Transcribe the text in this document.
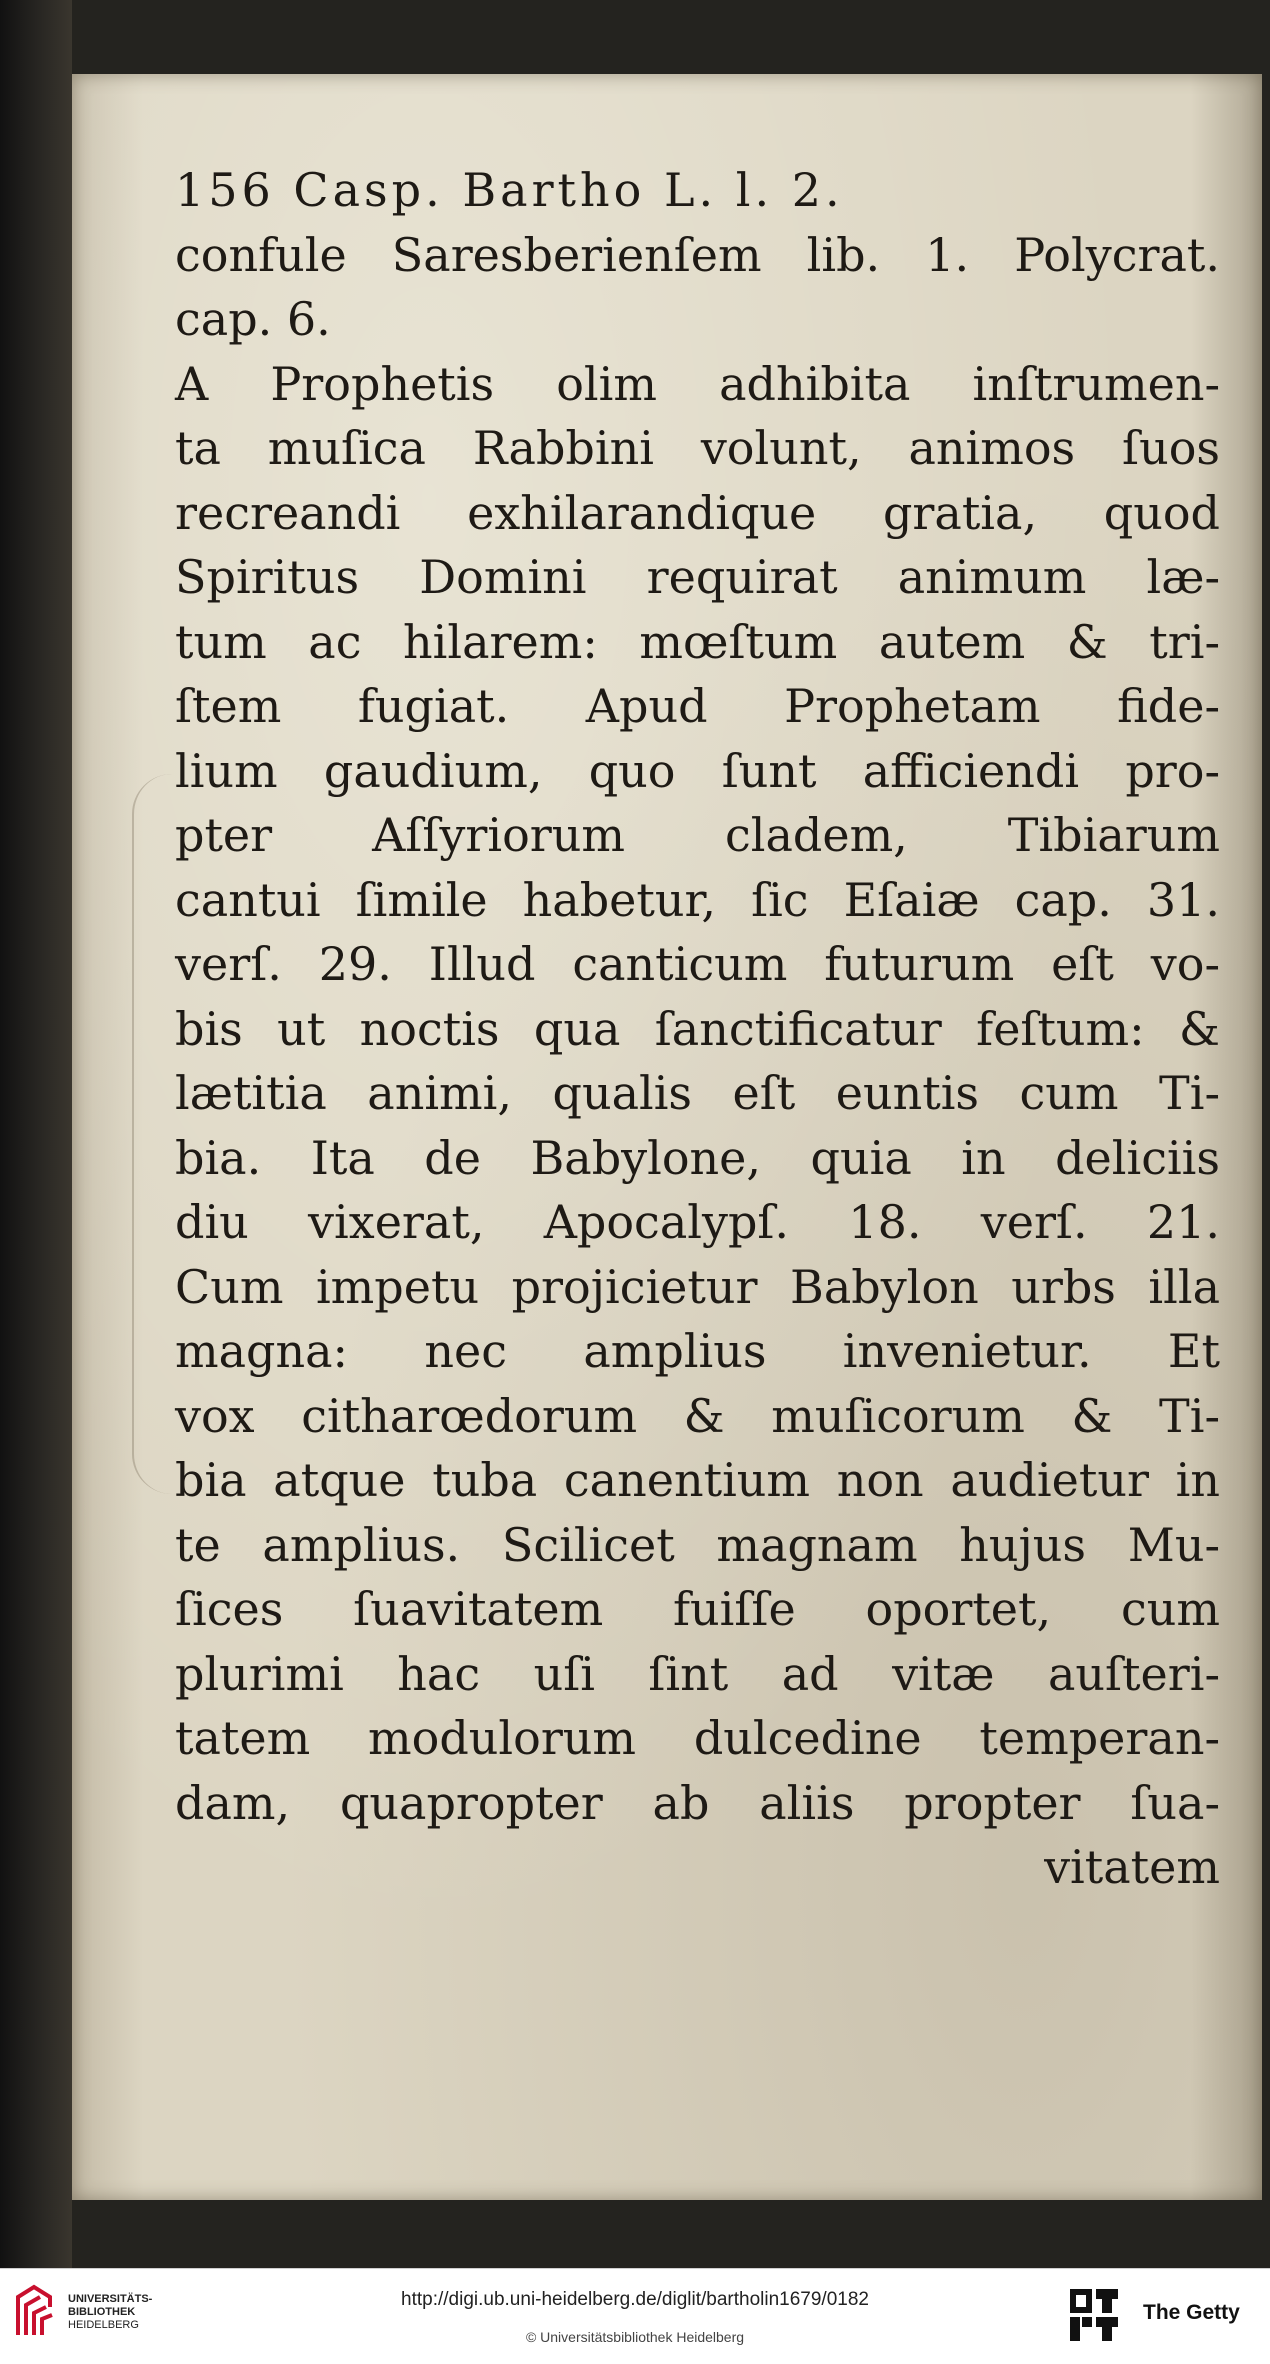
156 Casp. Bartho L. l. 2.
confule Saresberienſem lib. 1. Polycrat.
cap. 6.
A Prophetis olim adhibita inſtrumen-
ta muſica Rabbini volunt, animos ſuos
recreandi exhilarandique gratia, quod
Spiritus Domini requirat animum læ-
tum ac hilarem: mœſtum autem & tri-
ſtem fugiat. Apud Prophetam fide-
lium gaudium, quo ſunt afficiendi pro-
pter Aſſyriorum cladem, Tibiarum
cantui ſimile habetur, ſic Eſaiæ cap. 31.
verſ. 29. Illud canticum futurum eſt vo-
bis ut noctis qua ſanctificatur feſtum: &
lætitia animi, qualis eſt euntis cum Ti-
bia. Ita de Babylone, quia in deliciis
diu vixerat, Apocalypſ. 18. verſ. 21.
Cum impetu projicietur Babylon urbs illa
magna: nec amplius invenietur. Et
vox citharœdorum & muſicorum & Ti-
bia atque tuba canentium non audietur in
te amplius. Scilicet magnam hujus Mu-
ſices ſuavitatem fuiſſe oportet, cum
plurimi hac uſi ſint ad vitæ auſteri-
tatem modulorum dulcedine temperan-
dam, quapropter ab aliis propter ſua-
vitatem
UNIVERSITÄTS-
BIBLIOTHEK
HEIDELBERG
http://digi.ub.uni-heidelberg.de/diglit/bartholin1679/0182
© Universitätsbibliothek Heidelberg
The Getty
